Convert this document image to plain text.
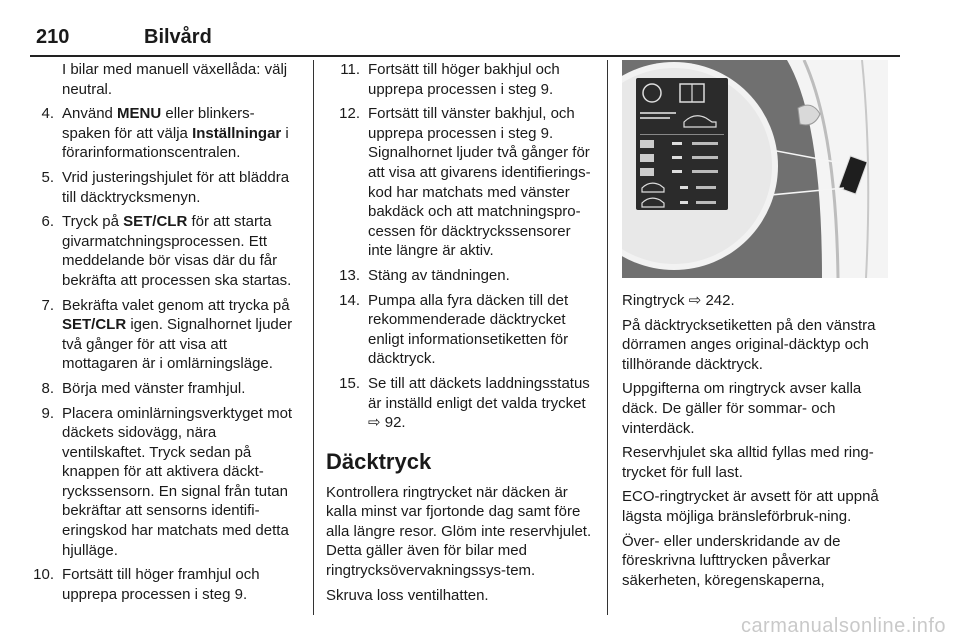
210	Bilvård
I bilar med manuell växellåda: välj neutral.
4. Använd MENU eller blinkers-spaken för att välja Inställningar i förarinformationscentralen.
5. Vrid justeringshjulet för att bläddra till däcktrycksmenyn.
6. Tryck på SET/CLR för att starta givarmatchningsprocessen. Ett meddelande bör visas där du får bekräfta att processen ska startas.
7. Bekräfta valet genom att trycka på SET/CLR igen. Signalhornet ljuder två gånger för att visa att mottagaren är i omlärningsläge.
8. Börja med vänster framhjul.
9. Placera ominlärningsverktyget mot däckets sidovägg, nära ventilskaftet. Tryck sedan på knappen för att aktivera däckt-ryckssensorn. En signal från tutan bekräftar att sensorns identifi-eringskod har matchats med detta hjulläge.
10. Fortsätt till höger framhjul och upprepa processen i steg 9.
11. Fortsätt till höger bakhjul och upprepa processen i steg 9.
12. Fortsätt till vänster bakhjul, och upprepa processen i steg 9. Signalhornet ljuder två gånger för att visa att givarens identifierings-kod har matchats med vänster bakdäck och att matchningspro-cessen för däcktryckssensorer inte längre är aktiv.
13. Stäng av tändningen.
14. Pumpa alla fyra däcken till det rekommenderade däcktrycket enligt informationsetiketten för däcktryck.
15. Se till att däckets laddningsstatus är inställd enligt det valda trycket
⇨ 92.
Däcktryck

Kontrollera ringtrycket när däcken är kalla minst var fjortonde dag samt före alla längre resor. Glöm inte reservhjulet. Detta gäller även för bilar med ringtrycksövervakningssys-tem.

Skruva loss ventilhatten.

Ringtryck ⇨ 242.

På däcktrycksetiketten på den vänstra dörramen anges original-däcktyp och tillhörande däcktryck.

Uppgifterna om ringtryck avser kalla däck. De gäller för sommar- och vinterdäck.

Reservhjulet ska alltid fyllas med ring-trycket för full last.

ECO-ringtrycket är avsett för att uppnå lägsta möjliga bränsleförbruk-ning.

Över- eller underskridande av de föreskrivna lufttrycken påverkar säkerheten, köregenskaperna,

carmanualsonline.info
